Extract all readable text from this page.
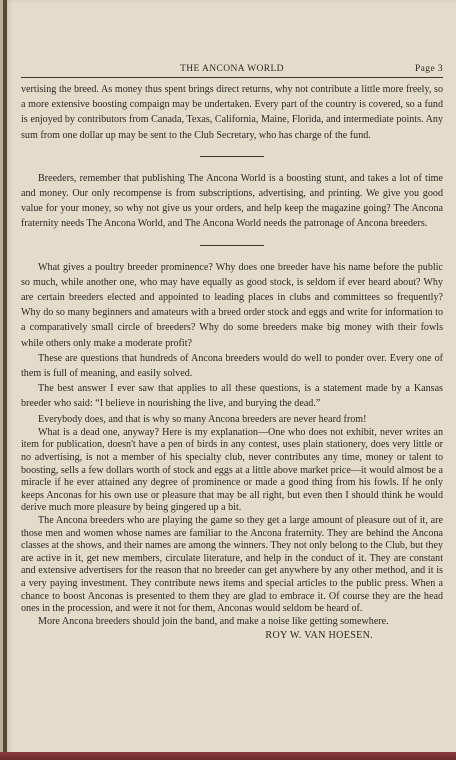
THE ANCONA WORLD	Page 3

vertising the breed. As money thus spent brings direct returns, why not contribute a little more freely, so a more extensive boosting compaign may be undertaken. Every part of the country is covered, so a fund is enjoyed by contributors from Canada, Texas, California, Maine, Florida, and intermediate points. Any sum from one dollar up may be sent to the Club Secretary, who has charge of the fund.

Breeders, remember that publishing The Ancona World is a boosting stunt, and takes a lot of time and money. Our only recompense is from subscriptions, advertising, and printing. We give you good value for your money, so why not give us your orders, and help keep the magazine going? The Ancona fraternity needs The Ancona World, and The Ancona World needs the patronage of Ancona breeders.

What gives a poultry breeder prominence? Why does one breeder have his name before the public so much, while another one, who may have equally as good stock, is seldom if ever heard about? Why are certain breeders elected and appointed to leading places in clubs and committees so frequently? Why do so many beginners and amateurs with a breed order stock and eggs and write for information to a comparatively small circle of breeders? Why do some breeders make big money with their fowls while others only make a moderate profit?

These are questions that hundreds of Ancona breeders would do well to ponder over. Every one of them is full of meaning, and easily solved.

The best answer I ever saw that applies to all these questions, is a statement made by a Kansas breeder who said: “I believe in nourishing the live, and burying the dead.”

Everybody does, and that is why so many Ancona breeders are never heard from!

What is a dead one, anyway? Here is my explanation—One who does not exhibit, never writes an item for publication, doesn't have a pen of birds in any contest, uses plain stationery, does very little or no advertising, is not a member of his specialty club, never contributes any time, money or talent to boosting, sells a few dollars worth of stock and eggs at a little above market price—it would almost be a miracle if he ever attained any degree of prominence or made a good thing from his fowls. If he only keeps Anconas for his own use or pleasure that may be all right, but even then I should think he would derive much more pleasure by being gingered up a bit.

The Ancona breeders who are playing the game so they get a large amount of pleasure out of it, are those men and women whose names are familiar to the Ancona fraternity. They are behind the Ancona classes at the shows, and their names are among the winners. They not only belong to the Club, but they are active in it, get new members, circulate literature, and help in the conduct of it. They are constant and extensive advertisers for the reason that no breeder can get anywhere by any other method, and it is a very paying investment. They contribute news items and special articles to the public press. When a chance to boost Anconas is presented to them they are glad to embrace it. Of course they are the head ones in the procession, and were it not for them, Anconas would seldom be heard of.

More Ancona breeders should join the band, and make a noise like getting somewhere.

ROY W. VAN HOESEN.
